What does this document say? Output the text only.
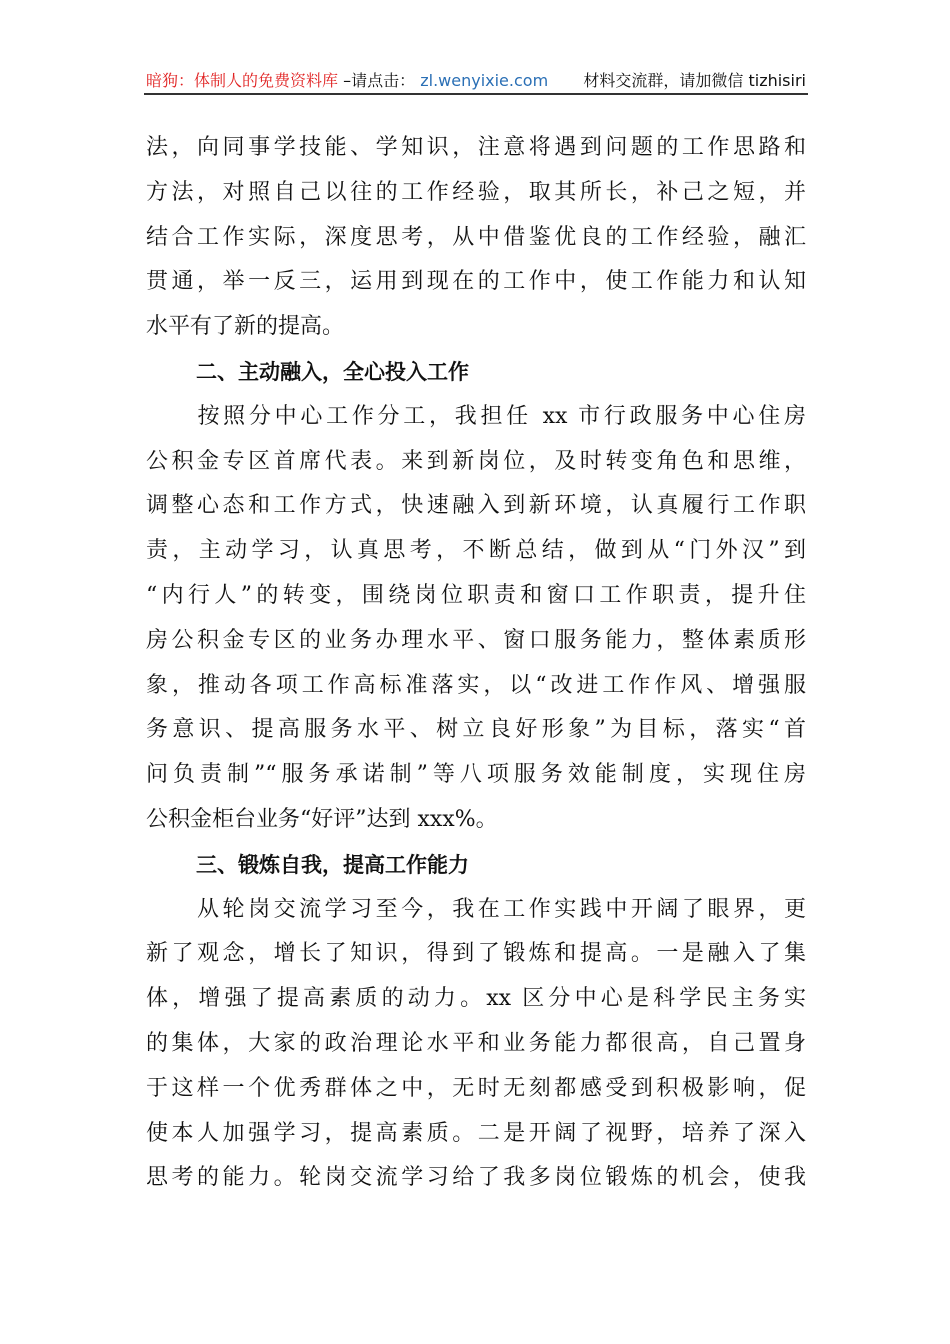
暗狗：体制人的免费资料库 –请点击： zl.wenyixie.com 材料交流群，请加微信 tizhisiri
法，向同事学技能、学知识，注意将遇到问题的工作思路和
方法，对照自己以往的工作经验，取其所长，补己之短，并
结合工作实际，深度思考，从中借鉴优良的工作经验，融汇
贯通，举一反三，运用到现在的工作中，使工作能力和认知
水平有了新的提高。
二、主动融入，全心投入工作
　　按照分中心工作分工，我担任 xx 市行政服务中心住房
公积金专区首席代表。来到新岗位，及时转变角色和思维，
调整心态和工作方式，快速融入到新环境，认真履行工作职
责，主动学习，认真思考，不断总结，做到从“门外汉”到
“内行人”的转变，围绕岗位职责和窗口工作职责，提升住
房公积金专区的业务办理水平、窗口服务能力，整体素质形
象，推动各项工作高标准落实，以“改进工作作风、增强服
务意识、提高服务水平、树立良好形象”为目标，落实“首
问负责制”“服务承诺制”等八项服务效能制度，实现住房
公积金柜台业务“好评”达到 xxx%。
三、锻炼自我，提高工作能力
　　从轮岗交流学习至今，我在工作实践中开阔了眼界，更
新了观念，增长了知识，得到了锻炼和提高。一是融入了集
体，增强了提高素质的动力。xx 区分中心是科学民主务实
的集体，大家的政治理论水平和业务能力都很高，自己置身
于这样一个优秀群体之中，无时无刻都感受到积极影响，促
使本人加强学习，提高素质。二是开阔了视野，培养了深入
思考的能力。轮岗交流学习给了我多岗位锻炼的机会，使我
